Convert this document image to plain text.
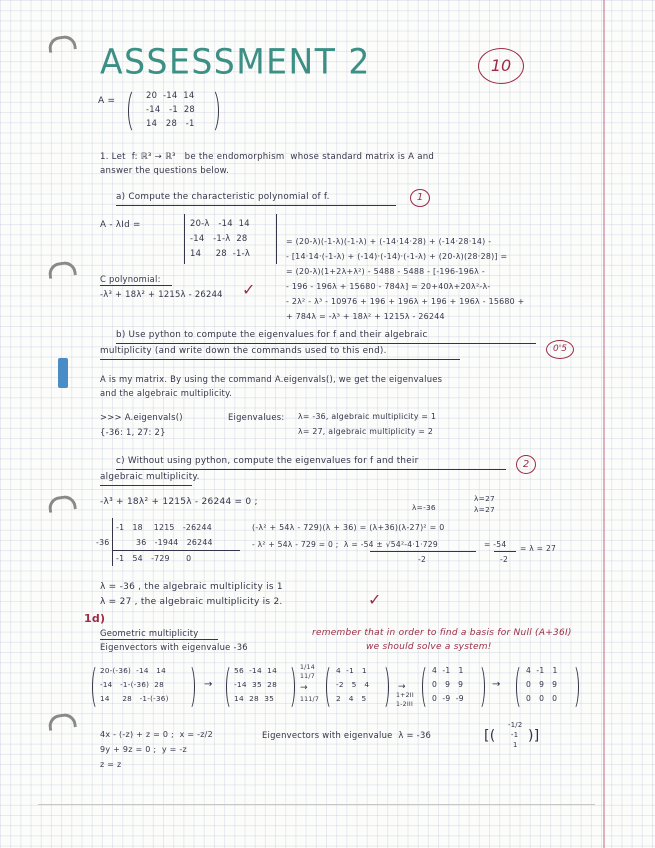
ASSESSMENT 2	10
A =
20  -14  14
-14   -1  28
14   28   -1
1. Let  f: ℝ³ → ℝ³   be the endomorphism  whose standard matrix is A and
answer the questions below.
a) Compute the characteristic polynomial of f.	1
A - λId =	20-λ   -14  14
-14   -1-λ  28
14     28  -1-λ
= (20-λ)(-1-λ)(-1-λ) + (-14·14·28) + (-14·28·14) -
- [14·14·(-1-λ) + (-14)·(-14)·(-1-λ) + (20-λ)(28·28)] =
= (20-λ)(1+2λ+λ²) - 5488 - 5488 - [-196-196λ -
- 196 - 196λ + 15680 - 784λ] = 20+40λ+20λ²-λ-
- 2λ² - λ³ - 10976 + 196 + 196λ + 196 + 196λ - 15680 +
+ 784λ = -λ³ + 18λ² + 1215λ - 26244
C polynomial:
-λ³ + 18λ² + 1215λ - 26244 ✓
b) Use python to compute the eigenvalues for f and their algebraic
multiplicity (and write down the commands used to this end).	0'5
A is my matrix. By using the command A.eigenvals(), we get the eigenvalues
and the algebraic multiplicity.
>>> A.eigenvals()
{-36: 1, 27: 2}
Eigenvalues: λ= -36, algebraic multiplicity = 1
λ= 27, algebraic multiplicity = 2
c) Without using python, compute the eigenvalues for f and their
algebraic multiplicity.
2
-λ³ + 18λ² + 1215λ - 26244 = 0 ;
λ=-36
λ=27
λ=27
-1   18    1215   -26244
-36	36   -1944   26244
-1   54   -729      0
(-λ² + 54λ - 729)(λ + 36) = (λ+36)(λ-27)² = 0
- λ² + 54λ - 729 = 0 ;  λ = -54 ± √54²-4·1·729
-2
= -54
-2
= λ = 27
λ = -36 , the algebraic multiplicity is 1
λ = 27 , the algebraic multiplicity is 2.	✓
1d)
Geometric multiplicity
Eigenvectors with eigenvalue -36
remember that in order to find a basis for Null (A+36I)
we should solve a system!
20-(-36)  -14   14
-14   -1-(-36)  28
14     28   -1-(-36)
→
56  -14  14
-14  35  28
14  28  35
1/14
11/7
→
111/7
4  -1   1
-2   5   4
2   4   5
→
1+2II
1-2III
4  -1   1
0   9   9
0  -9  -9
→
4  -1   1
0   9   9
0   0   0
4x - (-z) + z = 0 ;  x = -z/2
9y + 9z = 0 ;  y = -z
z = z
Eigenvectors with eigenvalue  λ = -36	[(
-1/2
-1
1
)]
